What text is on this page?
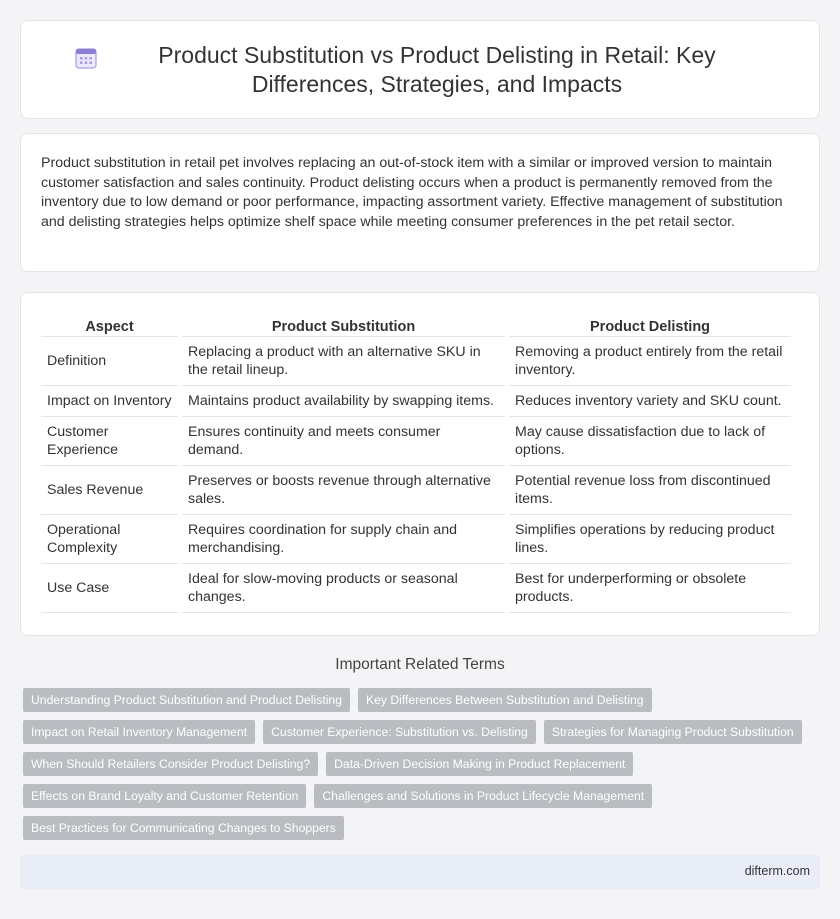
Product Substitution vs Product Delisting in Retail: Key Differences, Strategies, and Impacts

Product substitution in retail pet involves replacing an out-of-stock item with a similar or improved version to maintain customer satisfaction and sales continuity. Product delisting occurs when a product is permanently removed from the inventory due to low demand or poor performance, impacting assortment variety. Effective management of substitution and delisting strategies helps optimize shelf space while meeting consumer preferences in the pet retail sector.

Aspect	Product Substitution	Product Delisting
Definition	Replacing a product with an alternative SKU in the retail lineup.	Removing a product entirely from the retail inventory.
Impact on Inventory	Maintains product availability by swapping items.	Reduces inventory variety and SKU count.
Customer Experience	Ensures continuity and meets consumer demand.	May cause dissatisfaction due to lack of options.
Sales Revenue	Preserves or boosts revenue through alternative sales.	Potential revenue loss from discontinued items.
Operational Complexity	Requires coordination for supply chain and merchandising.	Simplifies operations by reducing product lines.
Use Case	Ideal for slow-moving products or seasonal changes.	Best for underperforming or obsolete products.
Important Related Terms
Understanding Product Substitution and Product Delisting	Key Differences Between Substitution and Delisting
Impact on Retail Inventory Management	Customer Experience: Substitution vs. Delisting	Strategies for Managing Product Substitution
When Should Retailers Consider Product Delisting?	Data-Driven Decision Making in Product Replacement
Effects on Brand Loyalty and Customer Retention	Challenges and Solutions in Product Lifecycle Management
Best Practices for Communicating Changes to Shoppers
difterm.com
